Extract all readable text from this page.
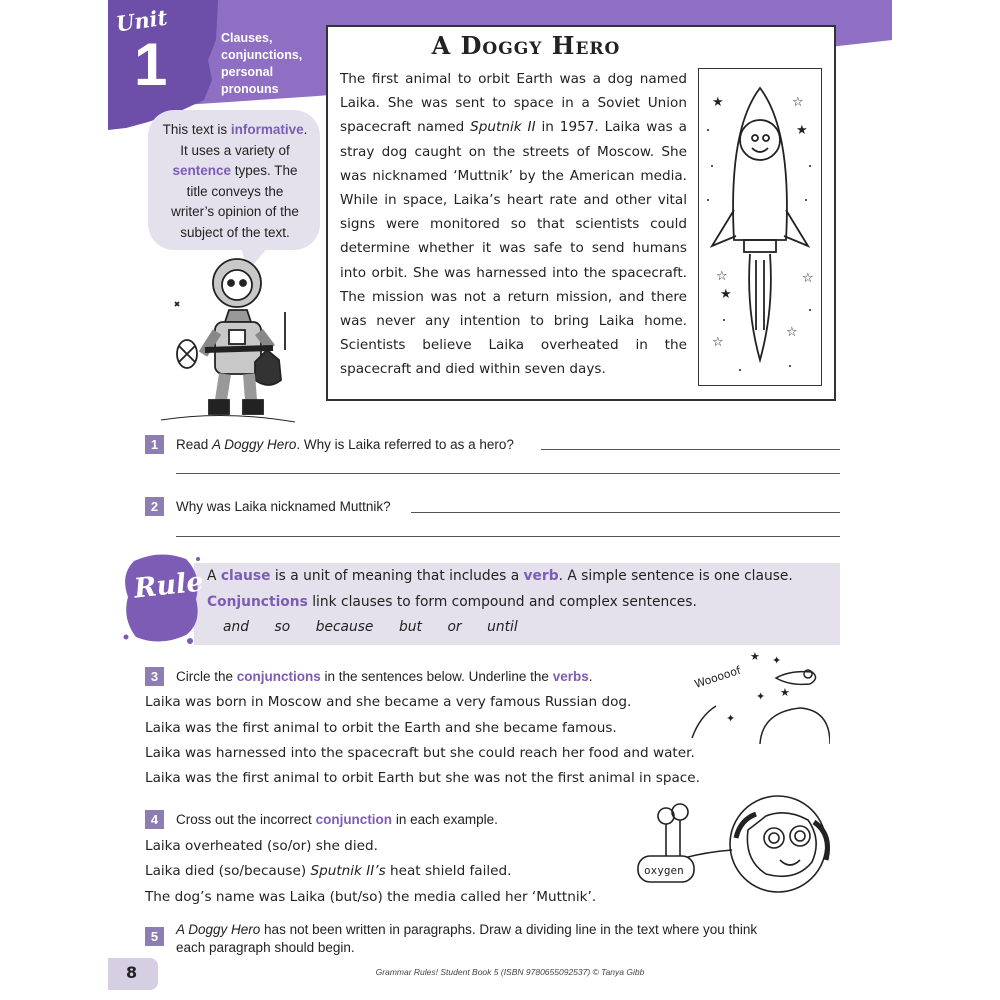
Unit
1	Clauses,
conjunctions,
personal
pronouns
This text is informative.
It uses a variety of
sentence types. The
title conveys the
writer’s opinion of the
subject of the text.
A Doggy Hero

The first animal to orbit Earth was a dog named Laika. She was sent to space in a Soviet Union spacecraft named Sputnik II in 1957. Laika was a stray dog caught on the streets of Moscow. She was nicknamed ‘Muttnik’ by the American media. While in space, Laika’s heart rate and other vital signs were monitored so that scientists could determine whether it was safe to send humans into orbit. She was harnessed into the spacecraft. The mission was not a return mission, and there was never any intention to bring Laika home. Scientists believe Laika overheated in the spacecraft and died within seven days.

★	☆
★
☆	☆
☆
☆
★
1	Read A Doggy Hero. Why is Laika referred to as a hero?
2	Why was Laika nicknamed Muttnik?
Rule A clause is a unit of meaning that includes a verb. A simple sentence is one clause.
Conjunctions link clauses to form compound and complex sentences.
and so because but or until
3	Circle the conjunctions in the sentences below. Underline the verbs.
Laika was born in Moscow and she became a very famous Russian dog.
Laika was the first animal to orbit the Earth and she became famous.
Laika was harnessed into the spacecraft but she could reach her food and water.
Laika was the first animal to orbit Earth but she was not the first animal in space.
Wooooof
★ ✦
★
✦
✦
4	Cross out the incorrect conjunction in each example.
Laika overheated (so/or) she died.
Laika died (so/because) Sputnik II’s heat shield failed.
The dog’s name was Laika (but/so) the media called her ‘Muttnik’.
oxygen
5	A Doggy Hero has not been written in paragraphs. Draw a dividing line in the text where you think
each paragraph should begin.
8	Grammar Rules! Student Book 5 (ISBN 9780655092537) © Tanya Gibb
